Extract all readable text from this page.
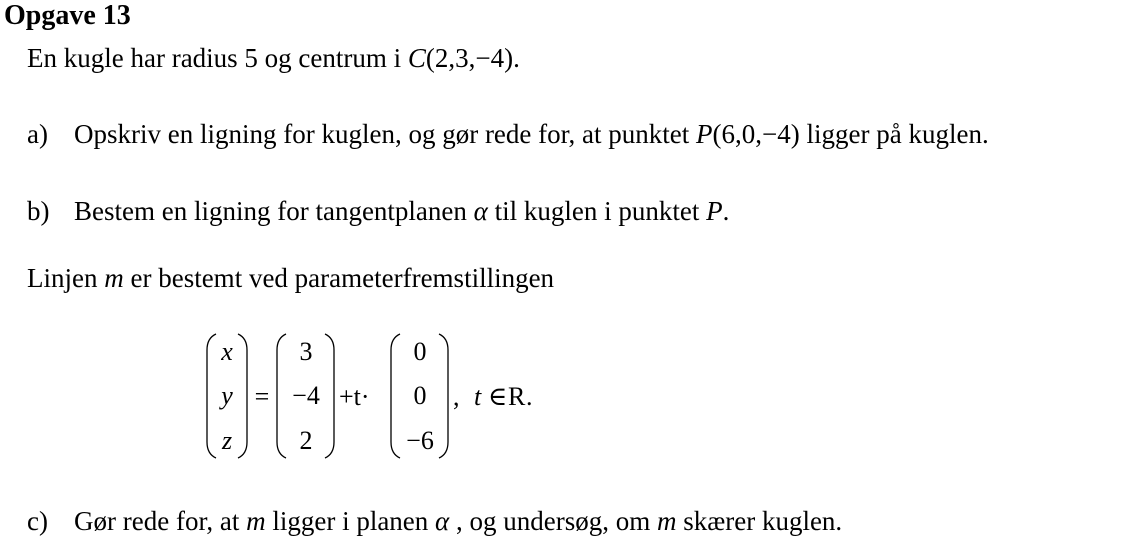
Opgave 13
En kugle har radius 5 og centrum i C(2,3,−4).
a) Opskriv en ligning for kuglen, og gør rede for, at punktet P(6,0,−4) ligger på kuglen.
b) Bestem en ligning for tangentplanen α til kuglen i punktet P.
Linjen m er bestemt ved parameterfremstillingen
x
y
z
=
3
−4
2
+t·
0
0
−6
, t ∈ R .
c) Gør rede for, at m ligger i planen α , og undersøg, om m skærer kuglen.
